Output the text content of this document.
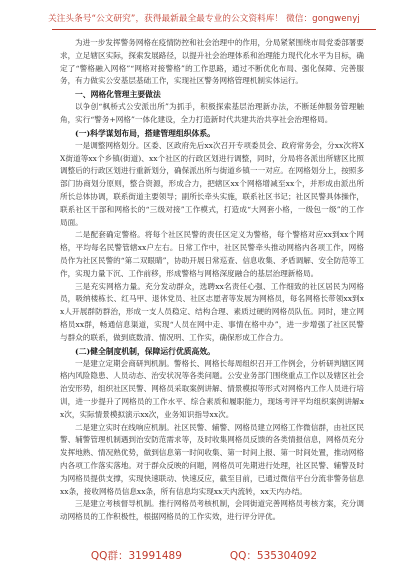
关注头条号“公文研究”，获得最新最全最专业的公文资料库！ 微信：gongwenyj

为进一步发挥警务网格在疫情防控和社会治理中的作用，分局紧紧围绕市局党委部署要求，立足辖区实际，探索发展路径，以提升社会治理体系和治理能力现代化水平为目标，确定了“警格融入网格”“网格对接警格”的工作思路，通过不断优化布局、强化保障、完善服务，有力做实公安基层基础工作，实现社区警务网格管理机制实体运行。

一、网格化管理主要做法

以争创“枫桥式公安派出所”为抓手，积极探索基层治理新办法，不断延伸服务管理触角，实行“警务+网格”一体化建设，全力打造新时代共建共治共享社会治理格局。

(一)科学谋划布局，搭建管理组织体系。

一是调整网格划分。区委、区政府先后xx次召开专项委员会、政府常务会，分xx次将XX街道等xx个乡镇(街道)、xx个社区的行政区划进行调整，同时，分局将各派出所辖区比照调整后的行政区划进行重新划分，确保派出所与街道乡镇一一对应。在网格划分上，按照多部门协商划分原则，整合资源，形成合力，把辖区xx个网格增减至xx个，并形成由派出所所长总体协调，联系街道主要领导；副所长牵头实施，联系社区书记；社区民警具体操作，联系社区干部和网格长的“三级对接”工作模式，打造成“大网套小格，一级包一级”的工作局面。

二是配套确定警格。将每个社区民警的责任区定义为警格，每个警格对应xx到xx个网格，平均每名民警管辖xx户左右。日常工作中，社区民警牵头推动网格内各项工作，网格员作为社区民警的“第二双眼睛”，协助开展日常巡查、信息收集、矛盾调解、安全防范等工作，实现力量下沉、工作前移，形成警格与网格深度融合的基层治理新格局。

三是充实网格力量。充分发动群众，选聘xx名责任心强、工作细致的社区居民为网格员，吸纳楼栋长、红马甲、退休党员、社区志愿者等发展为网格员，每名网格长带领xx到xx人开展群防群治，形成一支人员稳定、结构合理、素质过硬的网格员队伍。同时，建立网格员xx群，畅通信息渠道，实现“人员在网中走、事情在格中办”，进一步增强了社区民警与群众的联系，做到底数清、情况明、工作实，确保形成工作合力。

(二)健全制度机制，保障运行优质高效。

一是建立定期会商研判机制。警格长、网格长每周组织召开工作例会，分析研判辖区网格内风险隐患、人员动态、治安状况等各类问题。公安业务部门围绕重点工作以及辖区社会治安形势，组织社区民警、网格员采取案例讲解、情景模拟等形式对网格内工作人员进行培训，进一步提升了网格员的工作水平、综合素质和履职能力，现场考评平均组织案例讲解xx次，实际情景模拟演示xx次，业务知识指导xx次。

二是建立实时在线响应机制。社区民警、辅警、网格员建立网格工作微信群，由社区民警、辅警管理机制遇到治安防范需求等，及时收集网格员反馈的各类情报信息，网格员充分发挥地熟、情况熟优势，做到信息第一时间收集、第一时间上报、第一时间处置，推动网格内各项工作落实落地。对于群众反映的问题，网格员可先期进行处理，社区民警、辅警及时为网格员提供支撑，实现快速联动、快速反应，截至目前，已通过微信平台分流非警务信息xx条，接收网格员信息xx条，所有信息均实现xx天内流转，xx天内办结。

三是建立考核督导机制。推行网格员考核机制，会同街道完善网格员考核方案，充分调动网格员的工作积极性，根据网格员的工作实效，进行评分评优。

QQ群：31991489	QQ：535304092
